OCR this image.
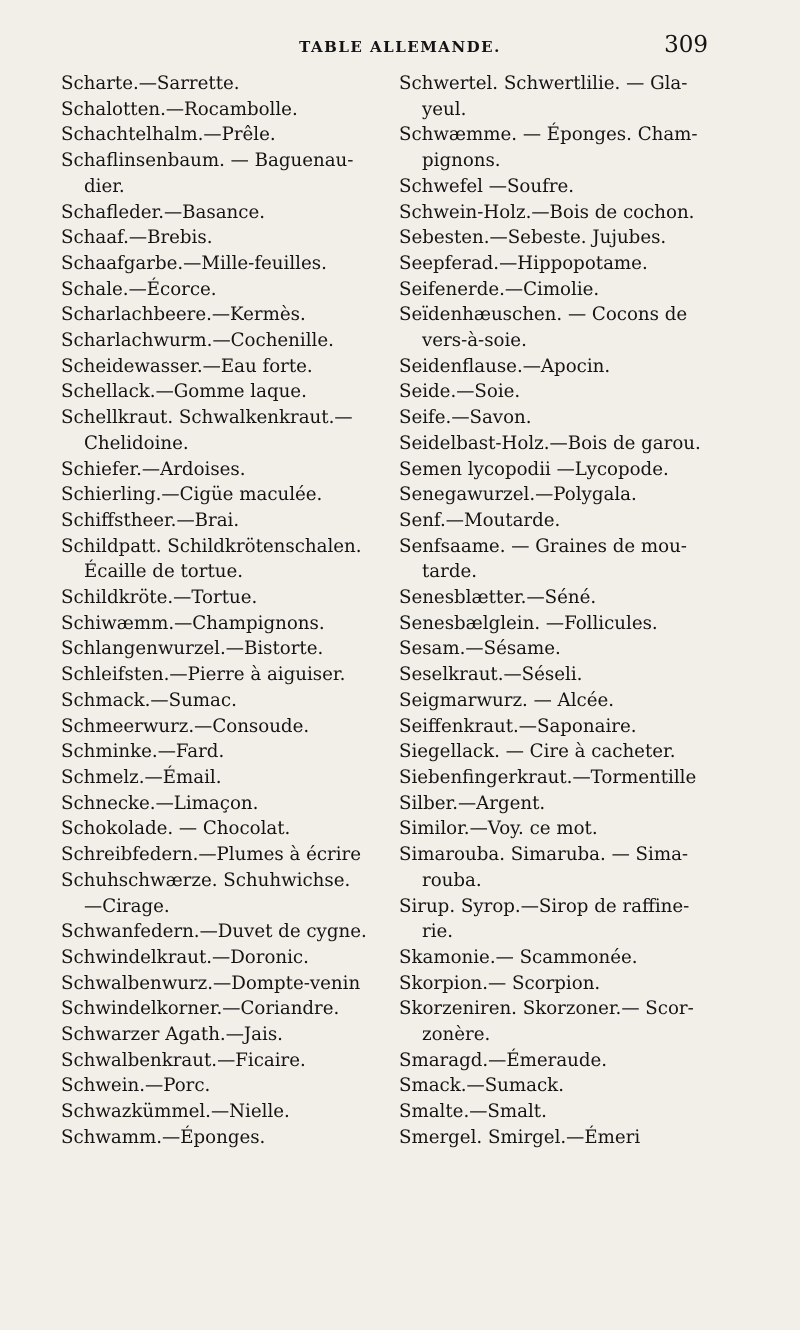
TABLE ALLEMANDE.	309
Scharte.—Sarrette.
Schalotten.—Rocambolle.
Schachtelhalm.—Prêle.
Schaflinsenbaum. — Baguenau-
dier.
Schafleder.—Basance.
Schaaf.—Brebis.
Schaafgarbe.—Mille-feuilles.
Schale.—Écorce.
Scharlachbeere.—Kermès.
Scharlachwurm.—Cochenille.
Scheidewasser.—Eau forte.
Schellack.—Gomme laque.
Schellkraut. Schwalkenkraut.—
Chelidoine.
Schiefer.—Ardoises.
Schierling.—Cigüe maculée.
Schiffstheer.—Brai.
Schildpatt. Schildkrötenschalen.
Écaille de tortue.
Schildkröte.—Tortue.
Schiwæmm.—Champignons.
Schlangenwurzel.—Bistorte.
Schleifsten.—Pierre à aiguiser.
Schmack.—Sumac.
Schmeerwurz.—Consoude.
Schminke.—Fard.
Schmelz.—Émail.
Schnecke.—Limaçon.
Schokolade. — Chocolat.
Schreibfedern.—Plumes à écrire
Schuhschwærze. Schuhwichse.
—Cirage.
Schwanfedern.—Duvet de cygne.
Schwindelkraut.—Doronic.
Schwalbenwurz.—Dompte-venin
Schwindelkorner.—Coriandre.
Schwarzer Agath.—Jais.
Schwalbenkraut.—Ficaire.
Schwein.—Porc.
Schwazkümmel.—Nielle.
Schwamm.—Éponges.
Schwertel. Schwertlilie. — Gla-
yeul.
Schwæmme. — Éponges. Cham-
pignons.
Schwefel —Soufre.
Schwein-Holz.—Bois de cochon.
Sebesten.—Sebeste. Jujubes.
Seepferad.—Hippopotame.
Seifenerde.—Cimolie.
Seïdenhæuschen. — Cocons de
vers-à-soie.
Seidenflause.—Apocin.
Seide.—Soie.
Seife.—Savon.
Seidelbast-Holz.—Bois de garou.
Semen lycopodii —Lycopode.
Senegawurzel.—Polygala.
Senf.—Moutarde.
Senfsaame. — Graines de mou-
tarde.
Senesblætter.—Séné.
Senesbælglein. —Follicules.
Sesam.—Sésame.
Seselkraut.—Séseli.
Seigmarwurz. — Alcée.
Seiffenkraut.—Saponaire.
Siegellack. — Cire à cacheter.
Siebenfingerkraut.—Tormentille
Silber.—Argent.
Similor.—Voy. ce mot.
Simarouba. Simaruba. — Sima-
rouba.
Sirup. Syrop.—Sirop de raffine-
rie.
Skamonie.— Scammonée.
Skorpion.— Scorpion.
Skorzeniren. Skorzoner.— Scor-
zonère.
Smaragd.—Émeraude.
Smack.—Sumack.
Smalte.—Smalt.
Smergel. Smirgel.—Émeri
